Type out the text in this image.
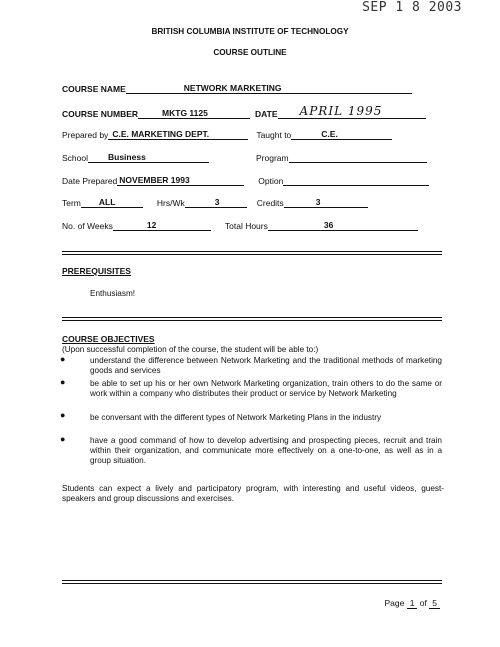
SEP 1 8 2003
BRITISH COLUMBIA INSTITUTE OF TECHNOLOGY
COURSE OUTLINE
COURSE NAME	NETWORK MARKETING
COURSE NUMBER	MKTG 1125	DATE	APRIL 1995
Prepared by C.E. MARKETING DEPT.	Taught to	C.E.
School	Business	Program
Date Prepared NOVEMBER 1993	Option
Term	ALL	Hrs/Wk	3	Credits	3
No. of Weeks	12	Total Hours	36
PREREQUISITES
Enthusiasm!
COURSE OBJECTIVES
(Upon successful completion of the course, the student will be able to:)
●	understand the difference between Network Marketing and the traditional methods of marketing goods and services
●	be able to set up his or her own Network Marketing organization, train others to do the same or work within a company who distributes their product or service by Network Marketing
●	be conversant with the different types of Network Marketing Plans in the industry
●	have a good command of how to develop advertising and prospecting pieces, recruit and train within their organization, and communicate more effectively on a one-to-one, as well as in a group situation.
Students can expect a lively and participatory program, with interesting and useful videos, guest-speakers and group discussions and exercises.
Page 1 of 5
